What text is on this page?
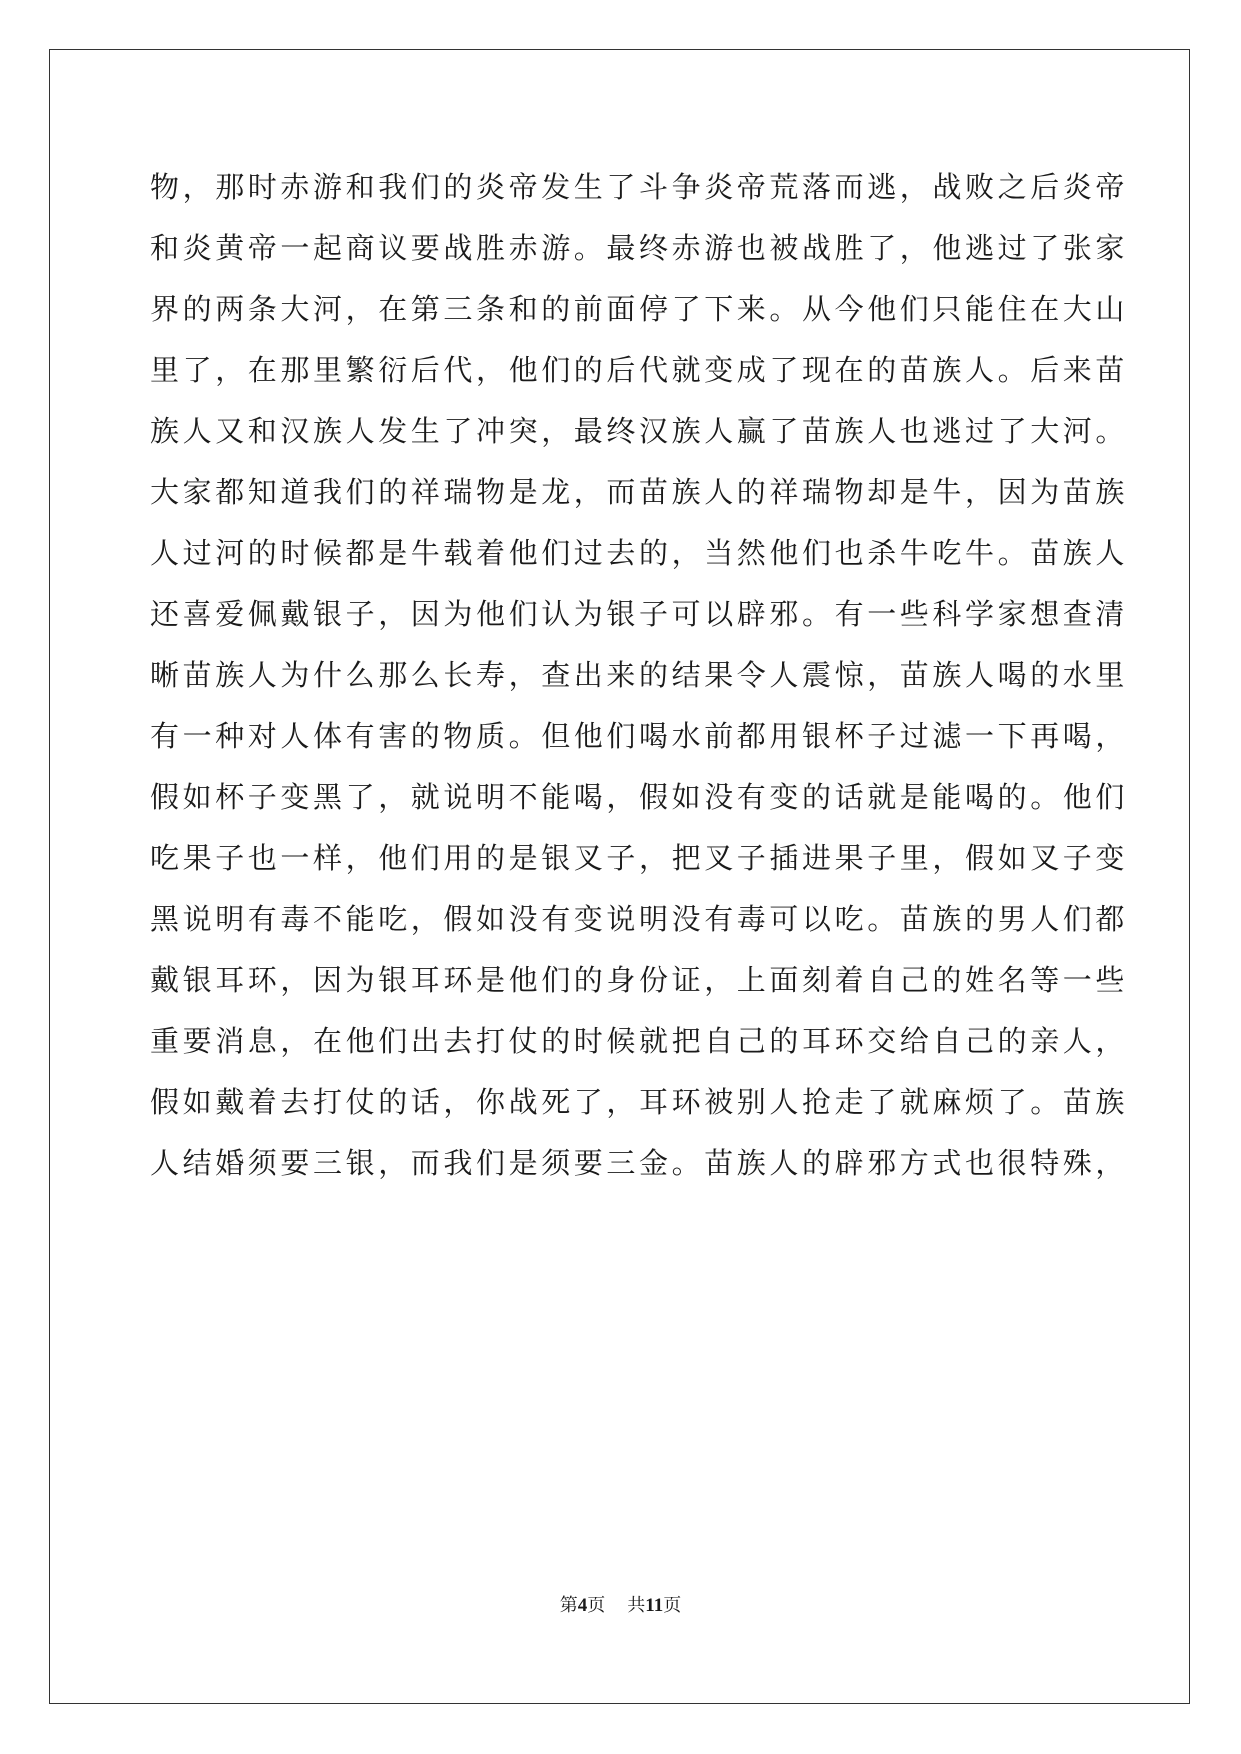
物，那时赤游和我们的炎帝发生了斗争炎帝荒落而逃，战败之后炎帝
和炎黄帝一起商议要战胜赤游。最终赤游也被战胜了，他逃过了张家
界的两条大河，在第三条和的前面停了下来。从今他们只能住在大山
里了，在那里繁衍后代，他们的后代就变成了现在的苗族人。后来苗
族人又和汉族人发生了冲突，最终汉族人赢了苗族人也逃过了大河。
大家都知道我们的祥瑞物是龙，而苗族人的祥瑞物却是牛，因为苗族
人过河的时候都是牛载着他们过去的，当然他们也杀牛吃牛。苗族人
还喜爱佩戴银子，因为他们认为银子可以辟邪。有一些科学家想查清
晰苗族人为什么那么长寿，查出来的结果令人震惊，苗族人喝的水里
有一种对人体有害的物质。但他们喝水前都用银杯子过滤一下再喝，
假如杯子变黑了，就说明不能喝，假如没有变的话就是能喝的。他们
吃果子也一样，他们用的是银叉子，把叉子插进果子里，假如叉子变
黑说明有毒不能吃，假如没有变说明没有毒可以吃。苗族的男人们都
戴银耳环，因为银耳环是他们的身份证，上面刻着自己的姓名等一些
重要消息，在他们出去打仗的时候就把自己的耳环交给自己的亲人，
假如戴着去打仗的话，你战死了，耳环被别人抢走了就麻烦了。苗族
人结婚须要三银，而我们是须要三金。苗族人的辟邪方式也很特殊，
第4页 共11页
